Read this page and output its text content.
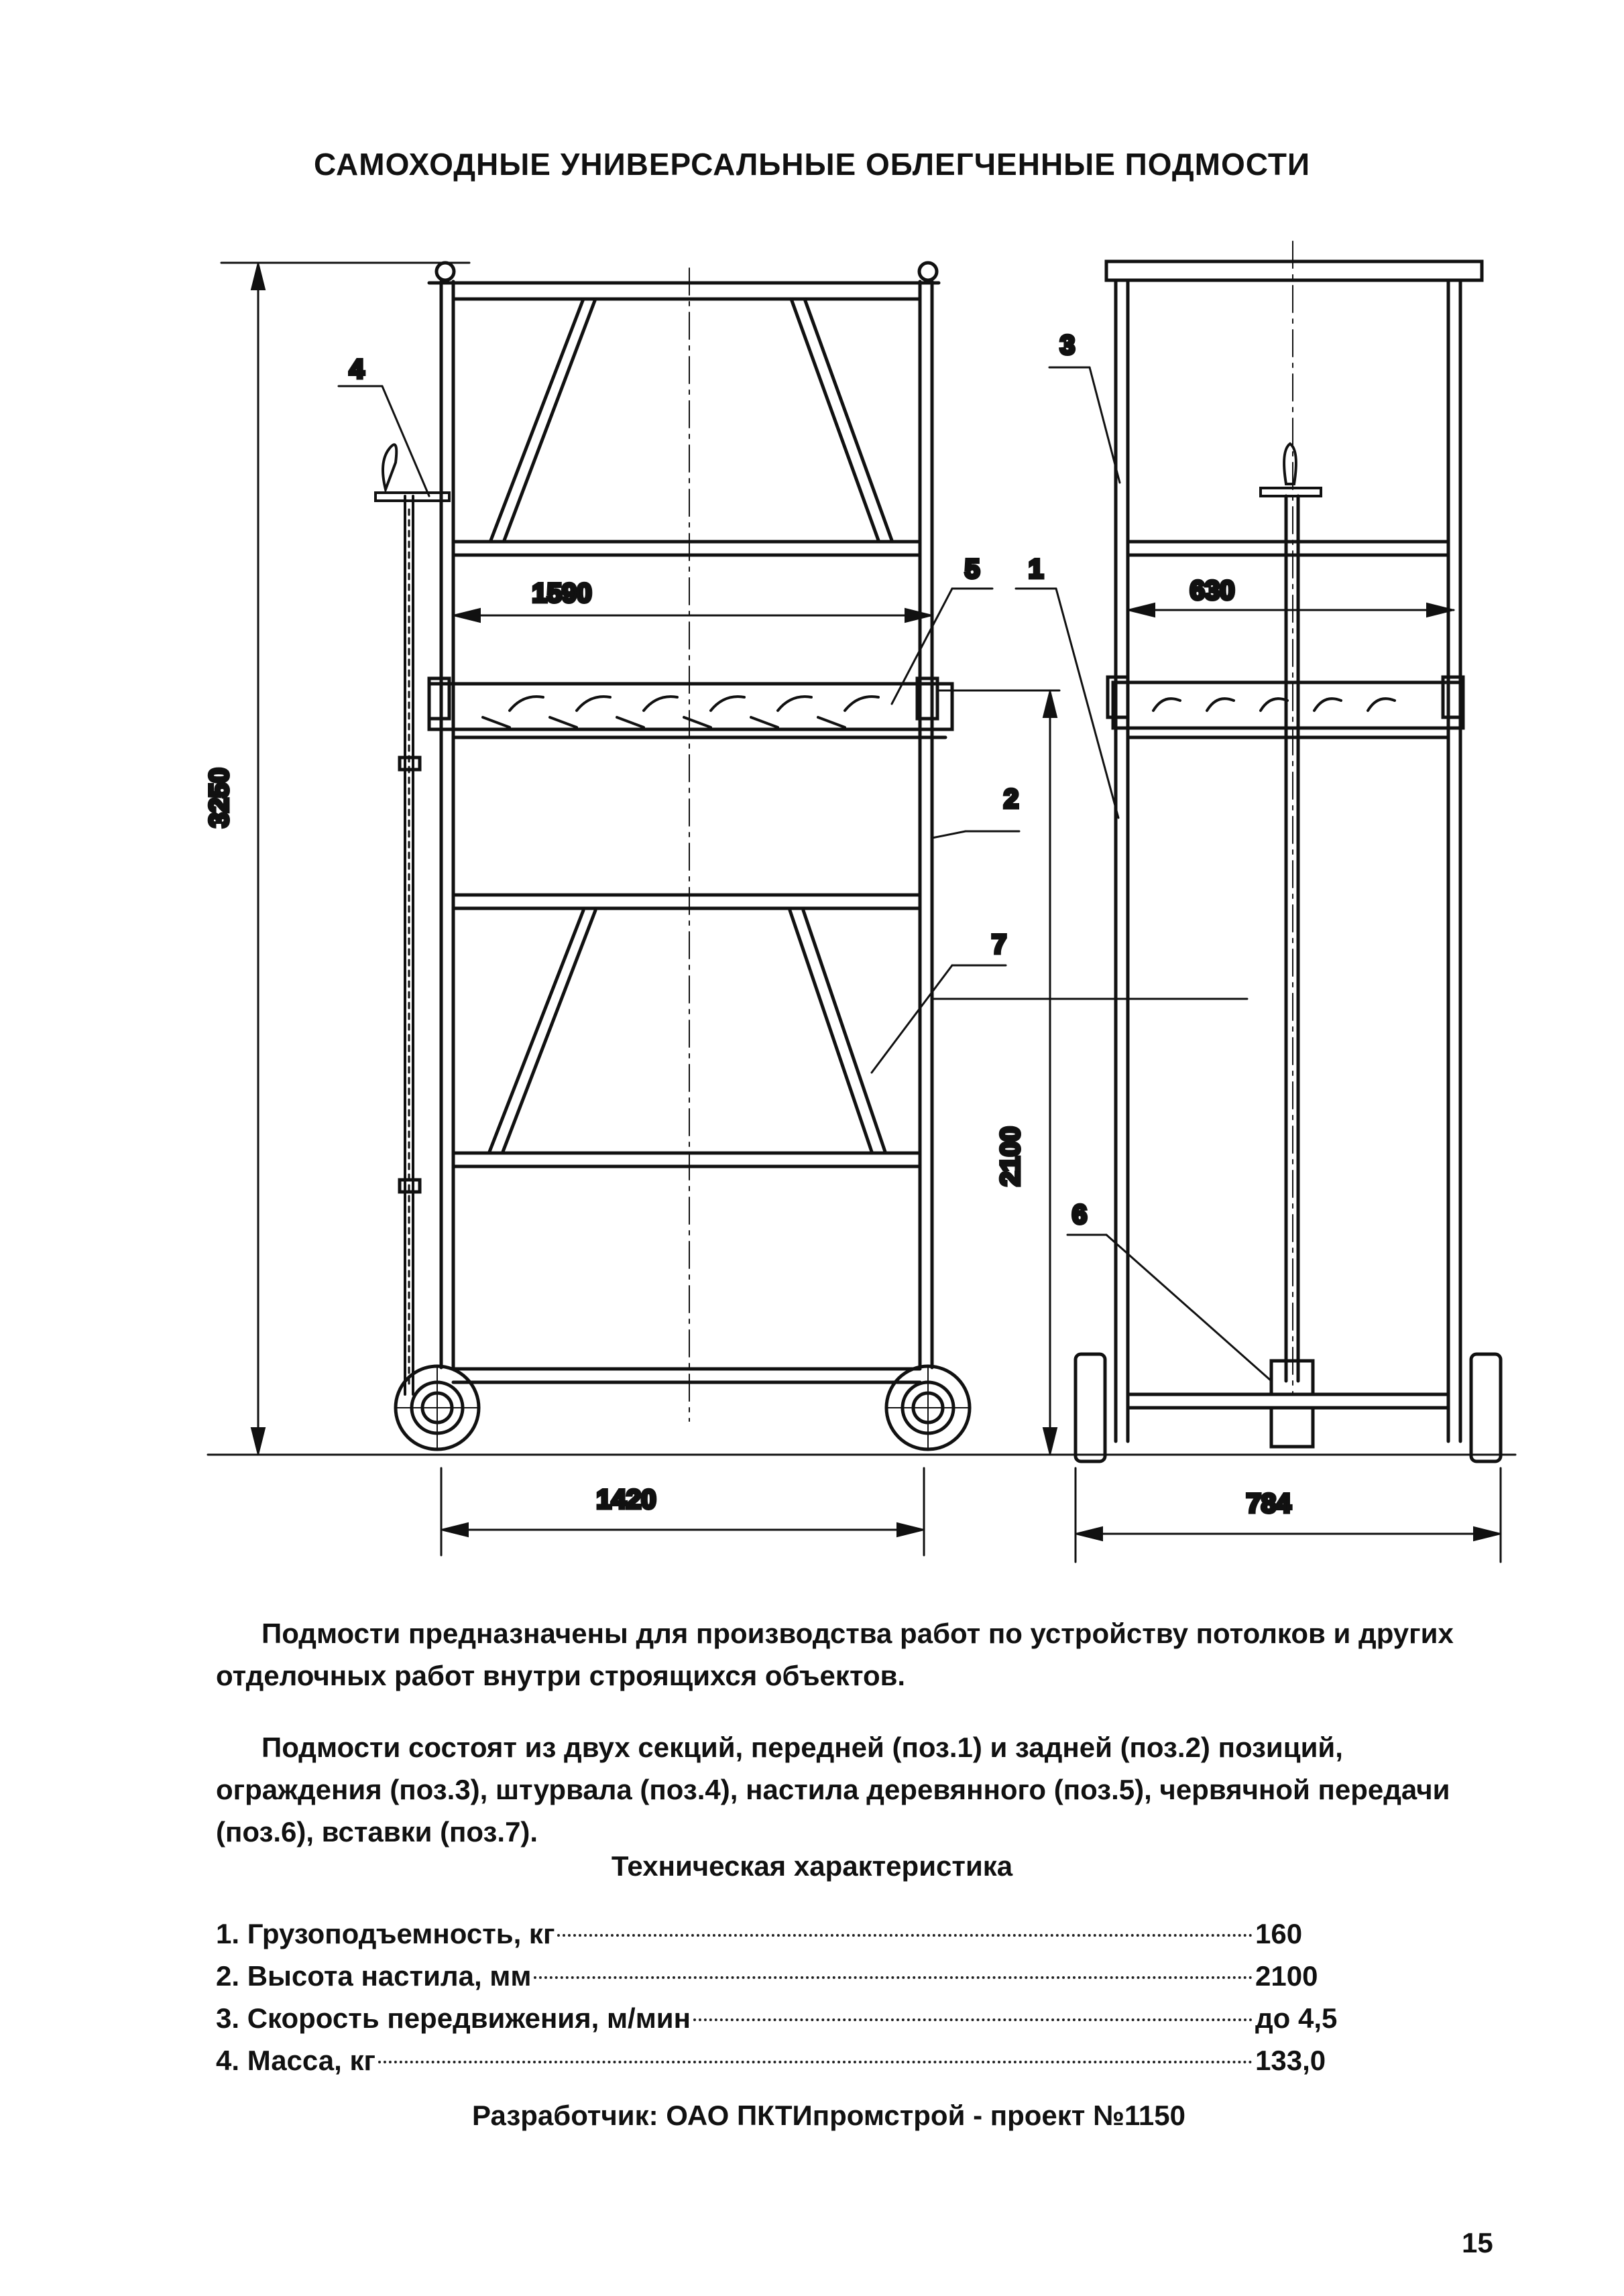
САМОХОДНЫЕ УНИВЕРСАЛЬНЫЕ ОБЛЕГЧЕННЫЕ ПОДМОСТИ
3250
1590
2100
1420
630
784
4
3
5 1
2
7
6
Подмости предназначены для производства работ по устройству потолков и других отделочных работ внутри строящихся объектов.
Подмости состоят из двух секций, передней (поз.1) и задней (поз.2) позиций, ограждения (поз.3), штурвала (поз.4), настила деревянного (поз.5), червячной передачи (поз.6), вставки (поз.7).
Техническая характеристика
1. Грузоподъемность, кг	160
2. Высота настила, мм	2100
3. Скорость передвижения, м/мин	до 4,5
4. Масса, кг	133,0
Разработчик: ОАО ПКТИпромстрой - проект №1150
15
